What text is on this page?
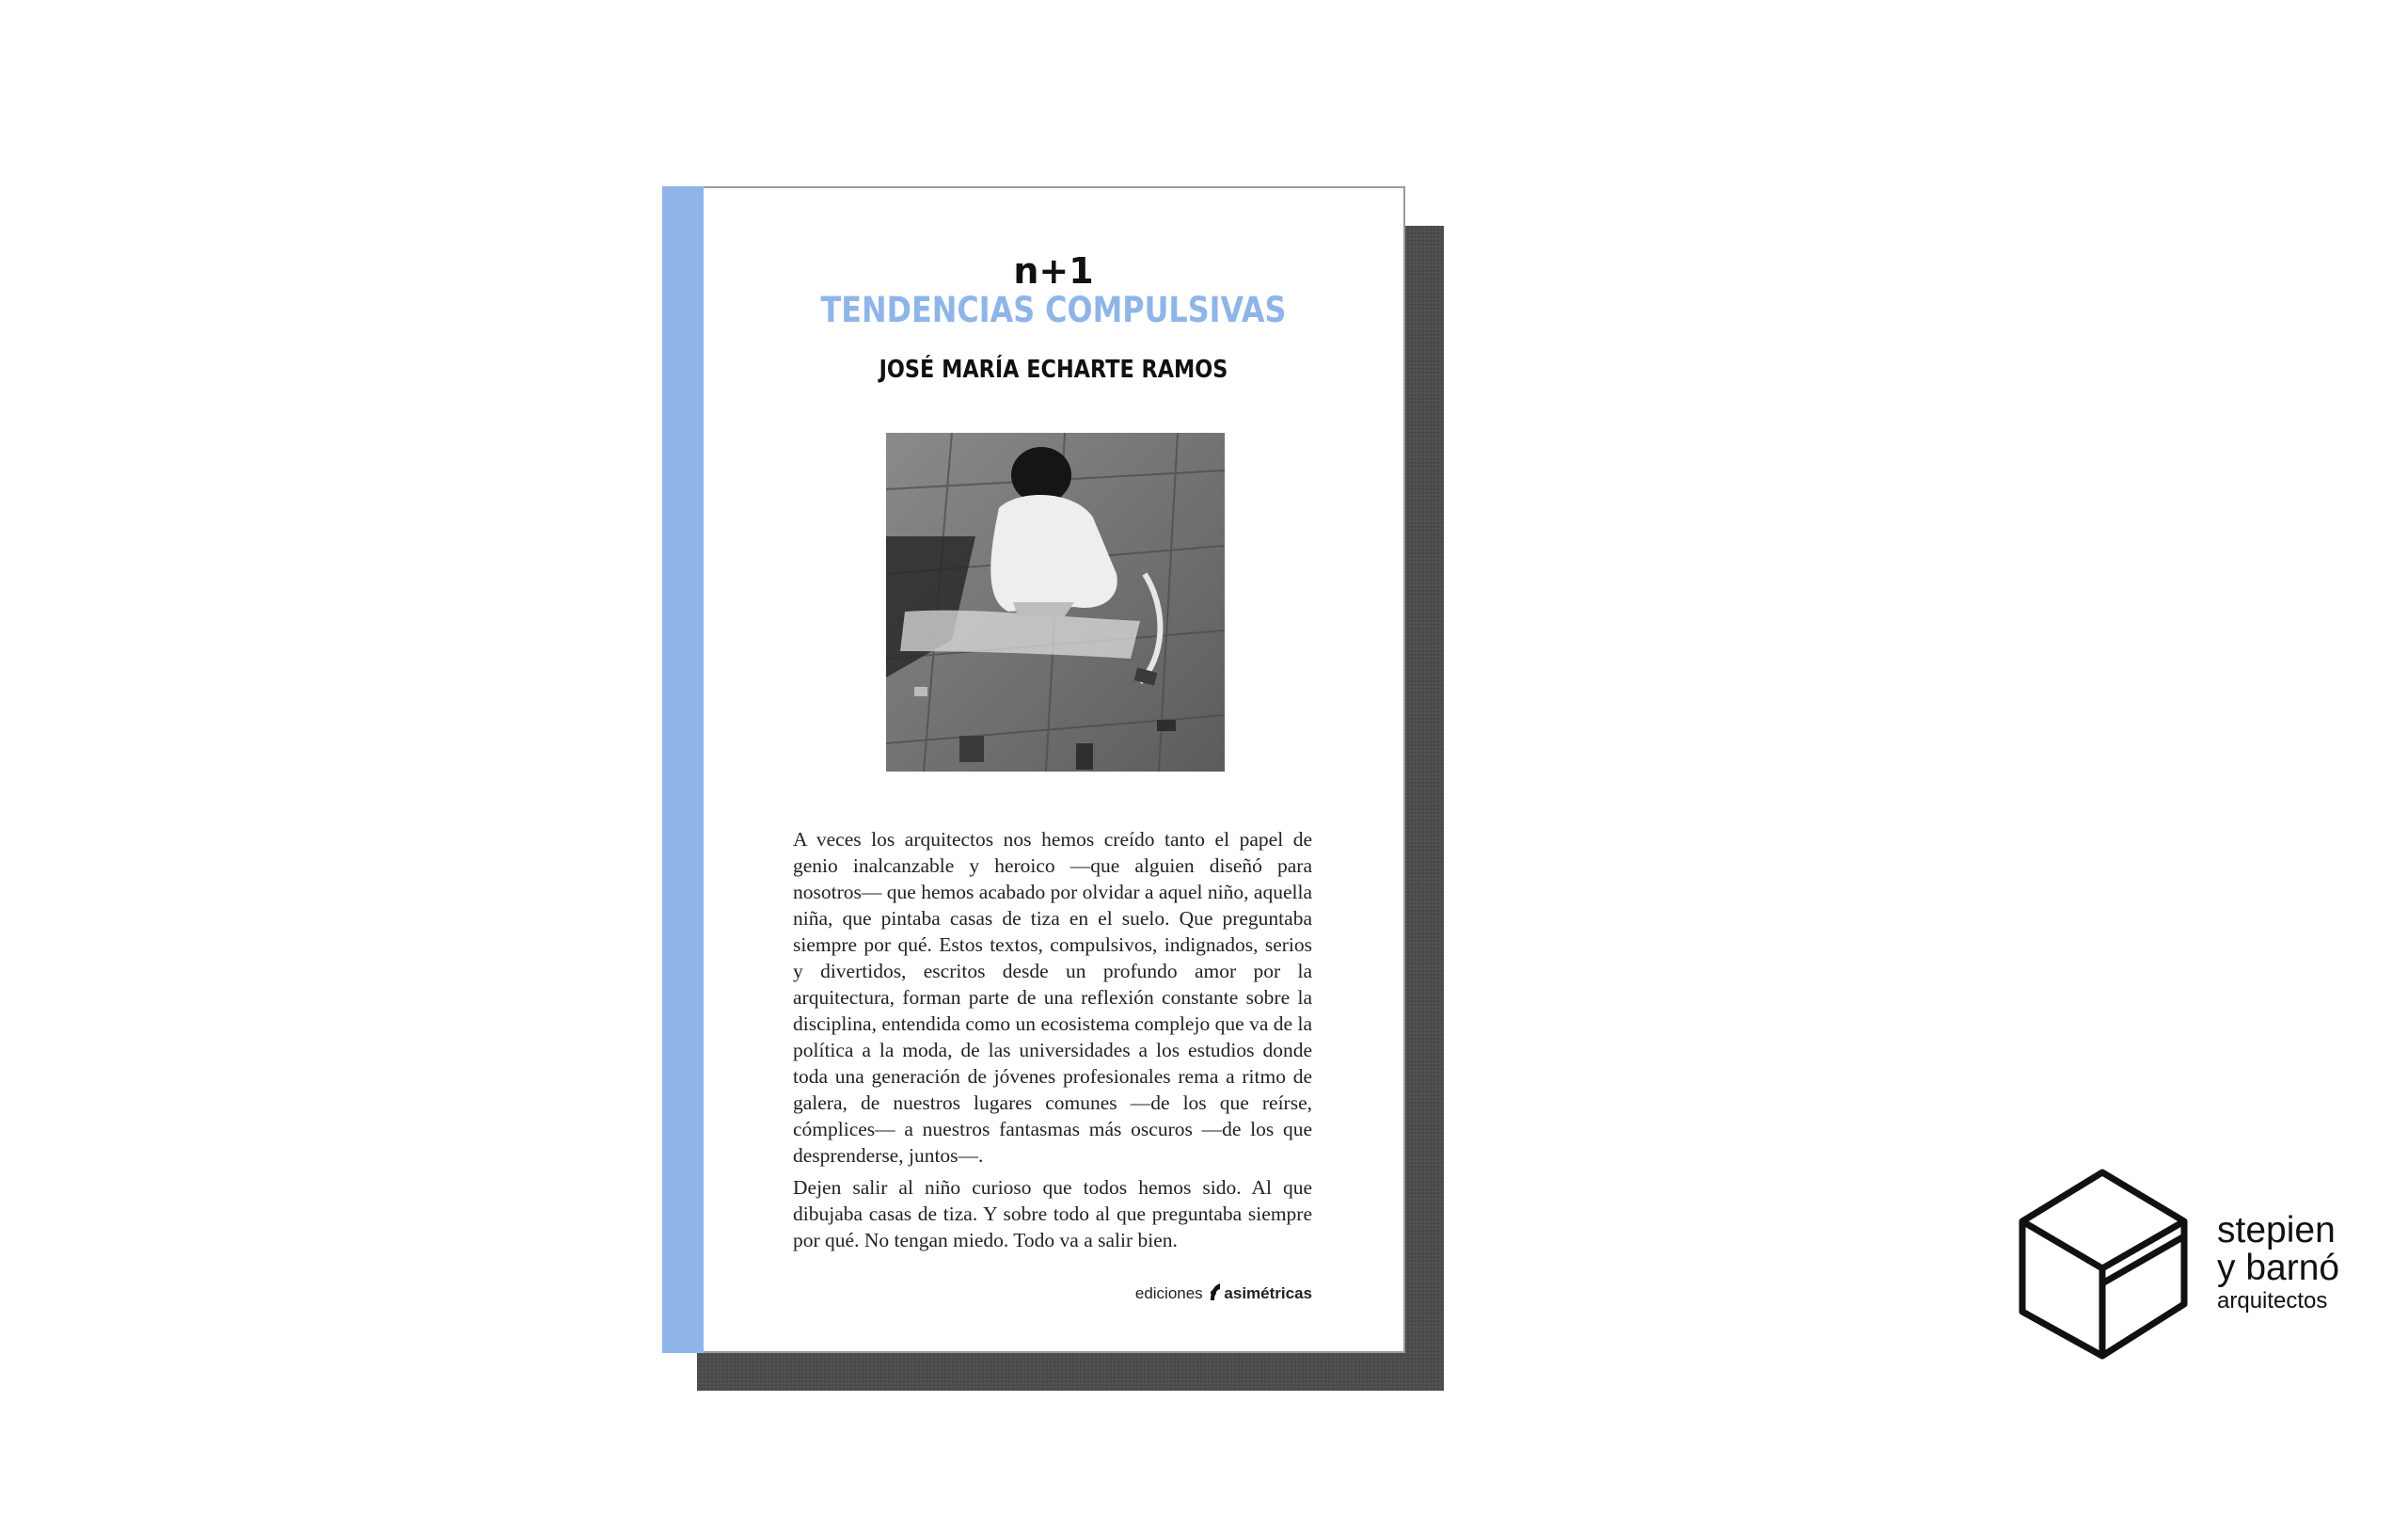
n+1
TENDENCIAS COMPULSIVAS
JOSÉ MARÍA ECHARTE RAMOS

A veces los arquitectos nos hemos creído tanto el papel de genio inalcanzable y heroico —que alguien diseñó para nosotros— que hemos acabado por olvidar a aquel niño, aquella niña, que pintaba casas de tiza en el suelo. Que preguntaba siempre por qué. Estos textos, compulsivos, indignados, serios y divertidos, escritos desde un profundo amor por la arquitectura, forman parte de una reflexión constante sobre la disciplina, entendida como un ecosistema complejo que va de la política a la moda, de las universidades a los estudios donde toda una generación de jóvenes profesionales rema a ritmo de galera, de nuestros lugares comunes —de los que reírse, cómplices— a nuestros fantasmas más oscuros —de los que desprenderse, juntos—.

Dejen salir al niño curioso que todos hemos sido. Al que dibujaba casas de tiza. Y sobre todo al que preguntaba siempre por qué. No tengan miedo. Todo va a salir bien.

ediciones asimétricas
stepien
y barnó
arquitectos
